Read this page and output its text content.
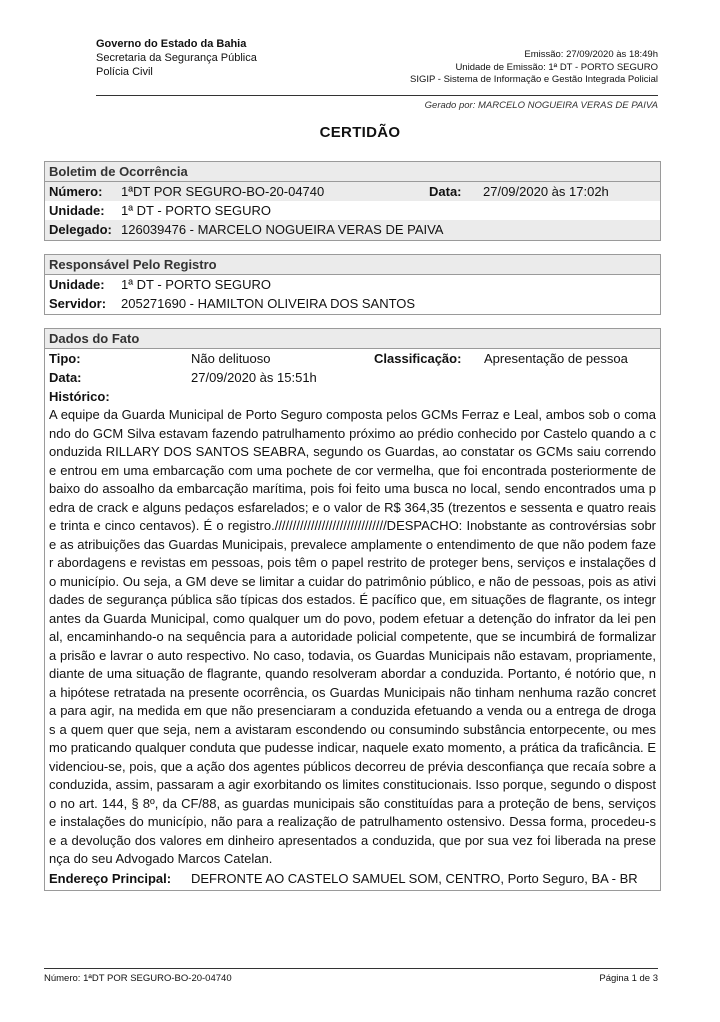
Governo do Estado da Bahia
Secretaria da Segurança Pública
Polícia Civil
Emissão: 27/09/2020 às 18:49h
Unidade de Emissão: 1ª DT - PORTO SEGURO
SIGIP - Sistema de Informação e Gestão Integrada Policial
Gerado por: MARCELO NOGUEIRA VERAS DE PAIVA
CERTIDÃO
Boletim de Ocorrência
Número:	1ªDT POR SEGURO-BO-20-04740	Data:	27/09/2020 às 17:02h
Unidade:	1ª DT - PORTO SEGURO
Delegado: 126039476 - MARCELO NOGUEIRA VERAS DE PAIVA
Responsável Pelo Registro
Unidade:	1ª DT - PORTO SEGURO
Servidor:	205271690 - HAMILTON OLIVEIRA DOS SANTOS
Dados do Fato
Tipo:	Não delituoso	Classificação:	Apresentação de pessoa
Data:	27/09/2020 às 15:51h
Histórico:
A equipe da Guarda Municipal de Porto Seguro composta pelos GCMs Ferraz e Leal, ambos sob o comando do GCM Silva estavam fazendo patrulhamento próximo ao prédio conhecido por Castelo quando a conduzida RILLARY DOS SANTOS SEABRA, segundo os Guardas, ao constatar os GCMs saiu correndo e entrou em uma embarcação com uma pochete de cor vermelha, que foi encontrada posteriormente debaixo do assoalho da embarcação marítima, pois foi feito uma busca no local, sendo encontrados uma pedra de crack e alguns pedaços esfarelados; e o valor de R$ 364,35 (trezentos e sessenta e quatro reais e trinta e cinco centavos). É o registro.///////////////////////////////DESPACHO: Inobstante as controvérsias sobre as atribuições das Guardas Municipais, prevalece amplamente o entendimento de que não podem fazer abordagens e revistas em pessoas, pois têm o papel restrito de proteger bens, serviços e instalações do município. Ou seja, a GM deve se limitar a cuidar do patrimônio público, e não de pessoas, pois as atividades de segurança pública são típicas dos estados. É pacífico que, em situações de flagrante, os integrantes da Guarda Municipal, como qualquer um do povo, podem efetuar a detenção do infrator da lei penal, encaminhando-o na sequência para a autoridade policial competente, que se incumbirá de formalizar a prisão e lavrar o auto respectivo. No caso, todavia, os Guardas Municipais não estavam, propriamente, diante de uma situação de flagrante, quando resolveram abordar a conduzida. Portanto, é notório que, na hipótese retratada na presente ocorrência, os Guardas Municipais não tinham nenhuma razão concreta para agir, na medida em que não presenciaram a conduzida efetuando a venda ou a entrega de drogas a quem quer que seja, nem a avistaram escondendo ou consumindo substância entorpecente, ou mesmo praticando qualquer conduta que pudesse indicar, naquele exato momento, a prática da traficância. Evidenciou-se, pois, que a ação dos agentes públicos decorreu de prévia desconfiança que recaía sobre a conduzida, assim, passaram a agir exorbitando os limites constitucionais. Isso porque, segundo o disposto no art. 144, § 8º, da CF/88, as guardas municipais são constituídas para a proteção de bens, serviços e instalações do município, não para a realização de patrulhamento ostensivo. Dessa forma, procedeu-se a devolução dos valores em dinheiro apresentados a conduzida, que por sua vez foi liberada na presença do seu Advogado Marcos Catelan.
Endereço Principal:	DEFRONTE AO CASTELO SAMUEL SOM, CENTRO, Porto Seguro, BA - BR
Número: 1ªDT POR SEGURO-BO-20-04740	Página 1 de 3
